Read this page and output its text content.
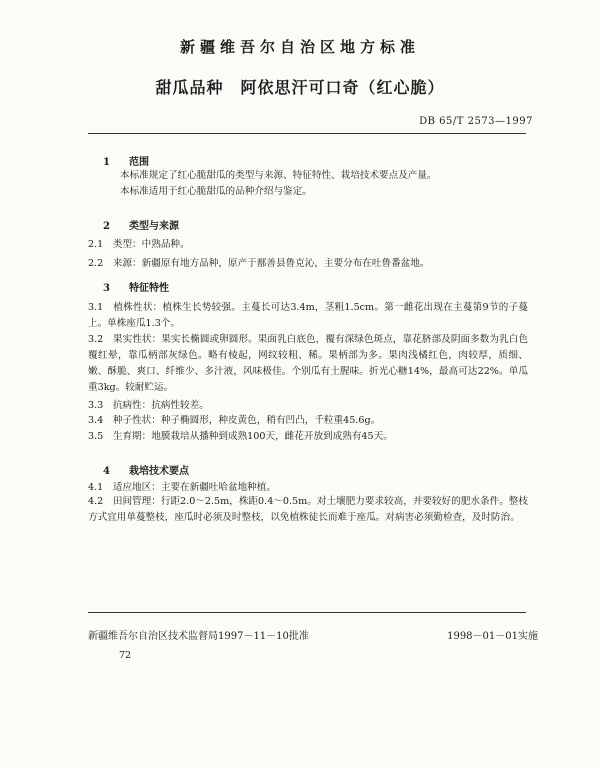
新疆维吾尔自治区地方标准
甜瓜品种　阿依思汗可口奇（红心脆）
DB 65/T 2573—1997
1 范围
本标准规定了红心脆甜瓜的类型与来源、特征特性、栽培技术要点及产量。
本标准适用于红心脆甜瓜的品种介绍与鉴定。
2 类型与来源
2.1　类型：中熟品种。
2.2　来源：新疆原有地方品种，原产于鄯善县鲁克沁，主要分布在吐鲁番盆地。
3 特征特性
3.1　植株性状：植株生长势较强。主蔓长可达3.4m，茎粗1.5cm。第一雌花出现在主蔓第9节的子蔓上。单株座瓜1.3个。
3.2　果实性状：果实长椭圆或卵圆形。果面乳白底色，覆有深绿色斑点，靠花脐部及阴面多数为乳白色覆红晕，靠瓜柄部灰绿色。略有棱起，网纹较粗、稀。果柄部为多。果肉浅橘红色，肉较厚，质细、嫩、酥脆、爽口、纤维少、多汁液，风味极佳。个别瓜有土腥味。折光心糖14%，最高可达22%。单瓜重3kg。较耐贮运。
3.3　抗病性：抗病性较差。
3.4　种子性状：种子椭圆形，种皮黄色，稍有凹凸，千粒重45.6g。
3.5　生育期：地膜栽培从播种到成熟100天，雌花开放到成熟有45天。
4 栽培技术要点
4.1　适应地区：主要在新疆吐哈盆地种植。
4.2　田间管理：行距2.0～2.5m，株距0.4～0.5m。对土壤肥力要求较高，并要较好的肥水条件。整枝方式宜用单蔓整枝，座瓜时必须及时整枝，以免植株徒长而难于座瓜。对病害必须勤检查，及时防治。
新疆维吾尔自治区技术监督局1997－11－10批准	1998－01－01实施
72
